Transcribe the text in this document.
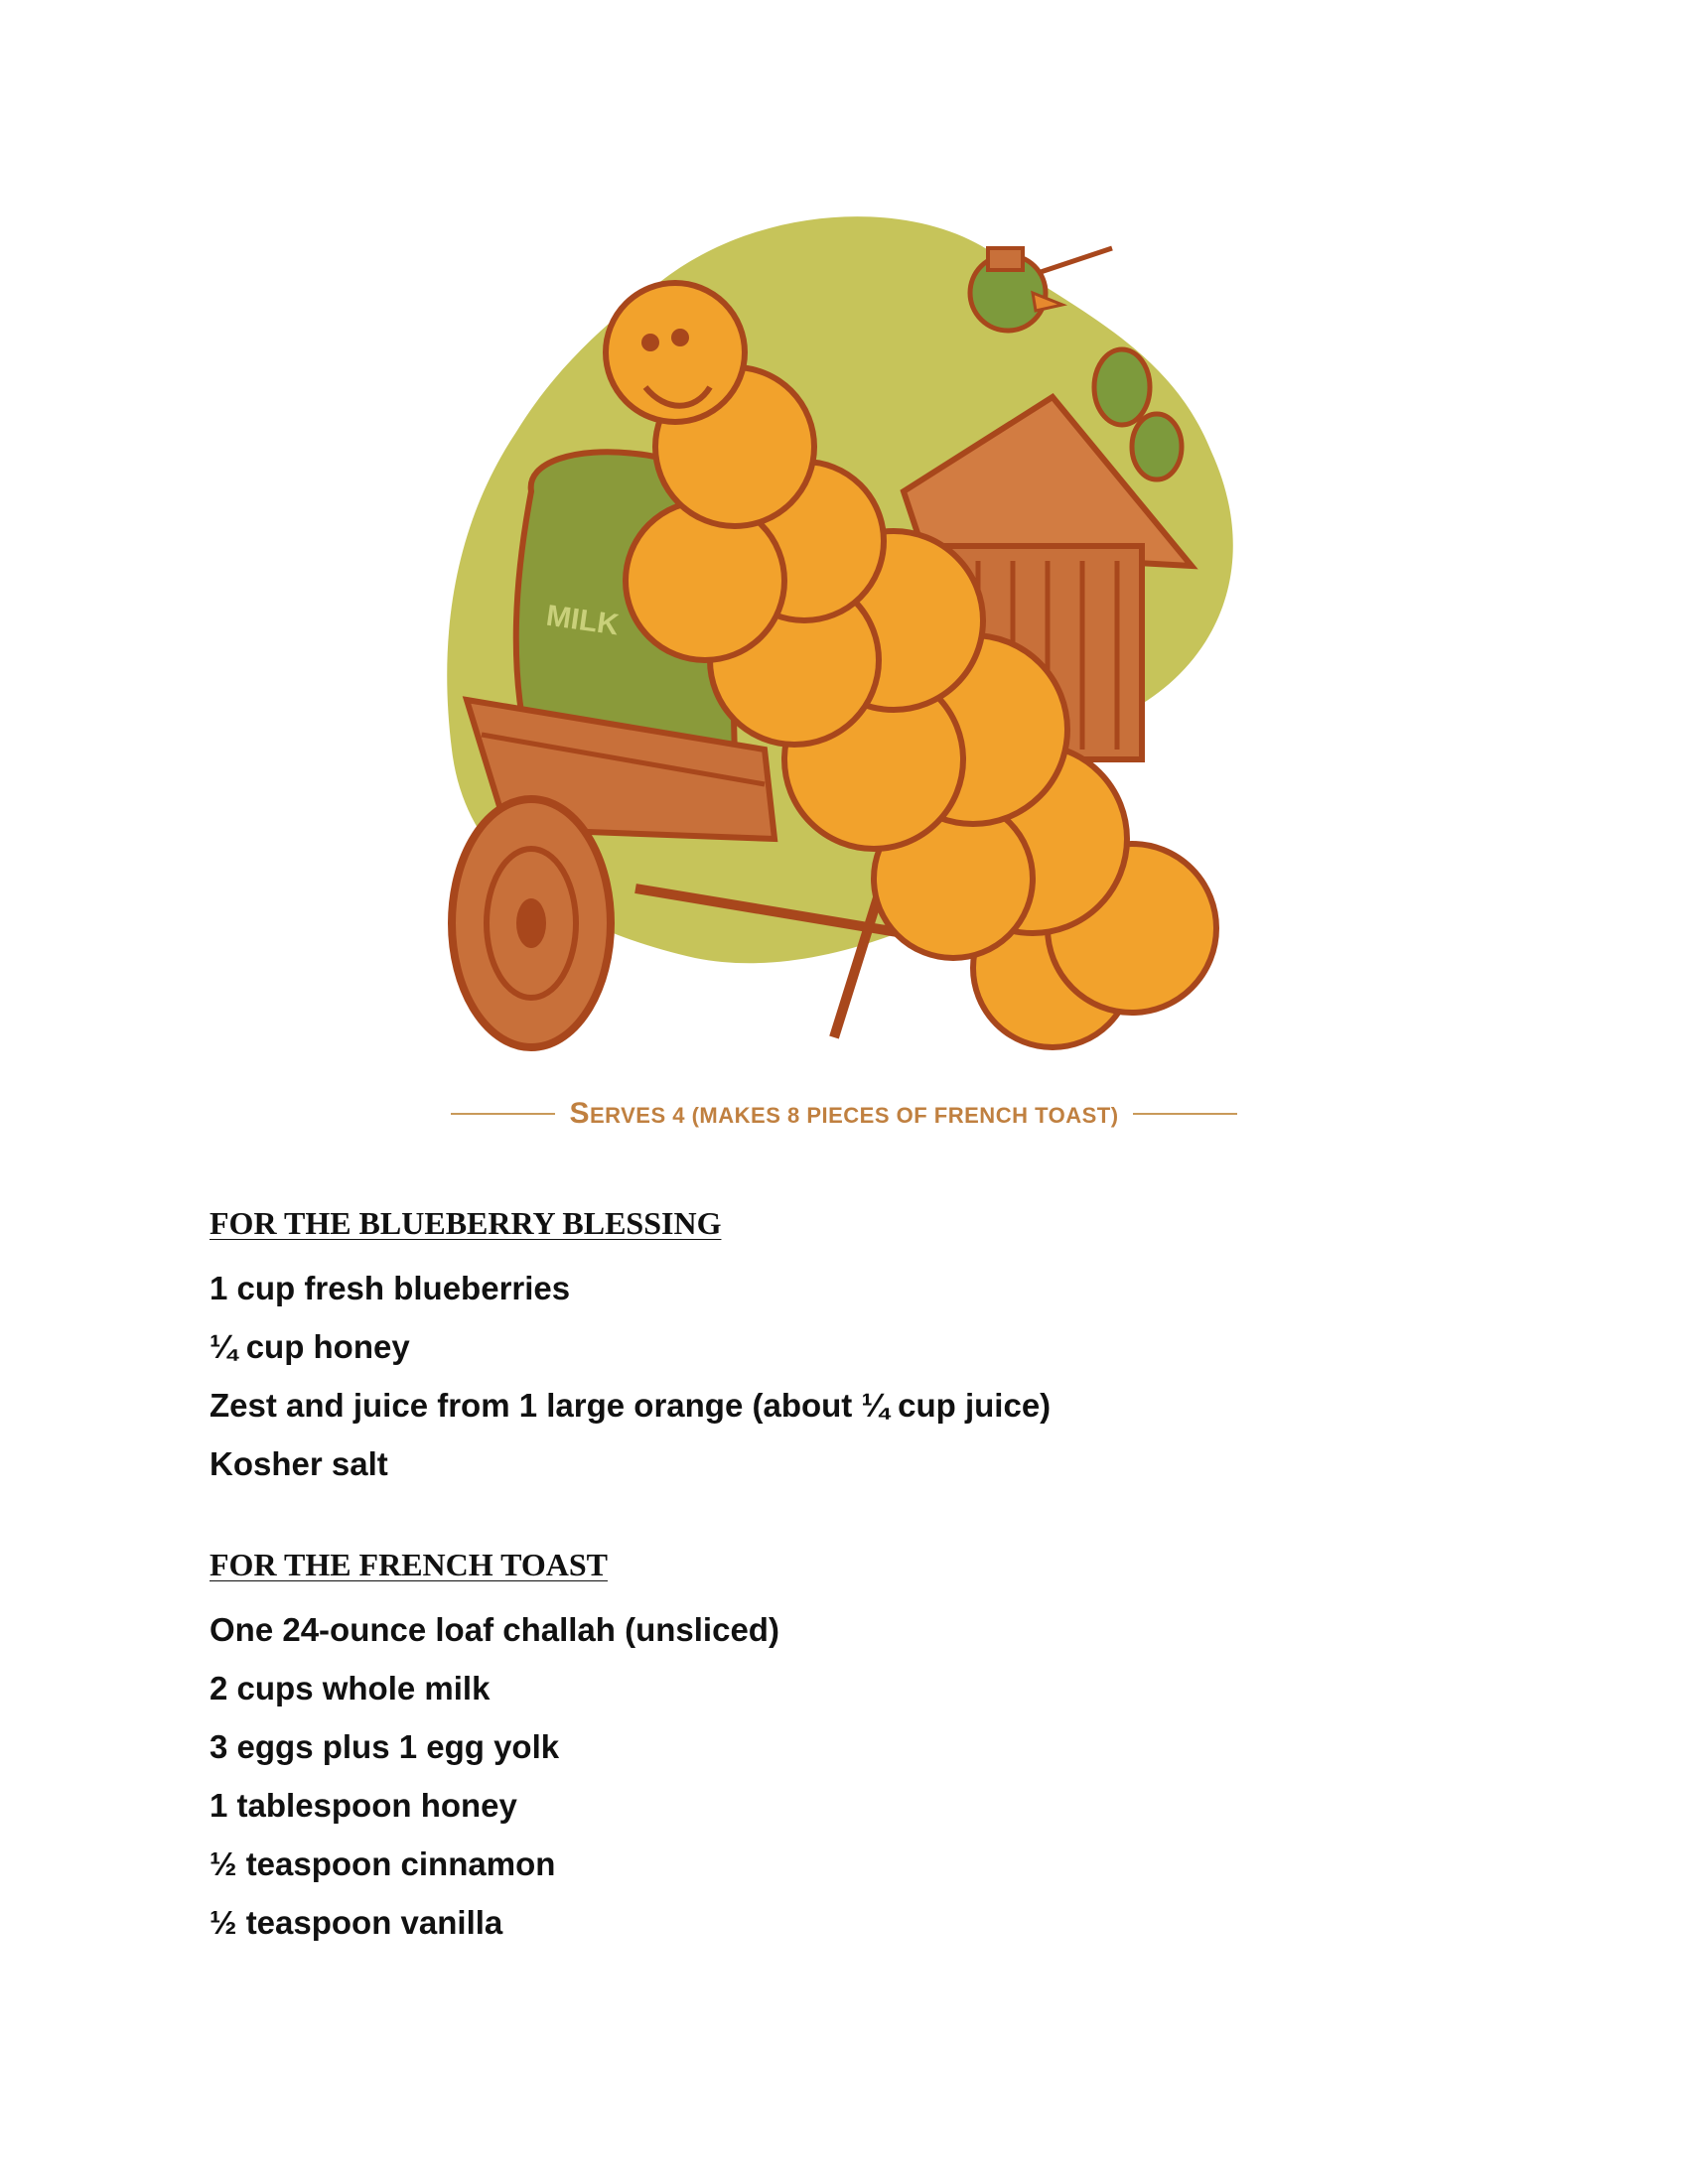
MILK
SERVES 4 (MAKES 8 PIECES OF FRENCH TOAST)
FOR THE BLUEBERRY BLESSING
1 cup fresh blueberries
¼ cup honey
Zest and juice from 1 large orange (about ¼ cup juice)
Kosher salt
FOR THE FRENCH TOAST
One 24-ounce loaf challah (unsliced)
2 cups whole milk
3 eggs plus 1 egg yolk
1 tablespoon honey
½ teaspoon cinnamon
½ teaspoon vanilla
